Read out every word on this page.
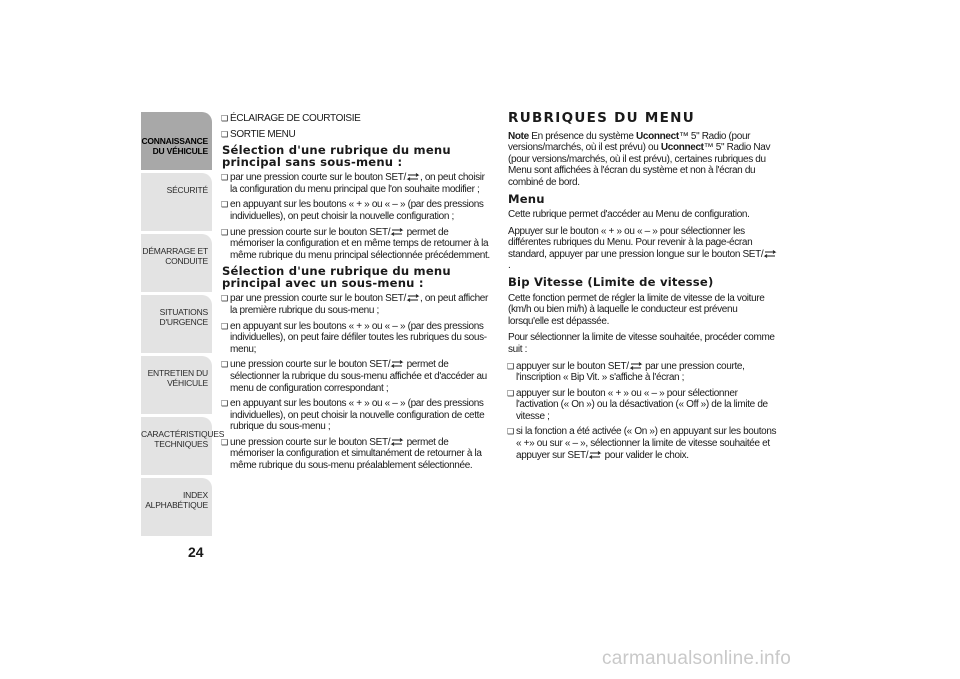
CONNAISSANCE
DU VÉHICULE
SÉCURITÉ
DÉMARRAGE ET
CONDUITE
SITUATIONS
D'URGENCE
ENTRETIEN DU
VÉHICULE
CARACTÉRISTIQUES
TECHNIQUES
INDEX
ALPHABÉTIQUE
24
❑ ÉCLAIRAGE DE COURTOISIE
❑ SORTIE MENU
Sélection d'une rubrique du menu principal sans sous-menu :
❑ par une pression courte sur le bouton SET/ , on peut choisir la configuration du menu principal que l'on souhaite modifier ;
❑ en appuyant sur les boutons « + » ou « – » (par des pressions individuelles), on peut choisir la nouvelle configuration ;
❑ une pression courte sur le bouton SET/ permet de mémoriser la configuration et en même temps de retourner à la même rubrique du menu principal sélectionnée précédemment.
Sélection d'une rubrique du menu principal avec un sous-menu :
❑ par une pression courte sur le bouton SET/ , on peut afficher la première rubrique du sous-menu ;
❑ en appuyant sur les boutons « + » ou « – » (par des pressions individuelles), on peut faire défiler toutes les rubriques du sous-menu;
❑ une pression courte sur le bouton SET/ permet de sélectionner la rubrique du sous-menu affichée et d'accéder au menu de configuration correspondant ;
❑ en appuyant sur les boutons « + » ou « – » (par des pressions individuelles), on peut choisir la nouvelle configuration de cette rubrique du sous-menu ;
❑ une pression courte sur le bouton SET/ permet de mémoriser la configuration et simultanément de retourner à la même rubrique du sous-menu préalablement sélectionnée.
RUBRIQUES DU MENU
Note En présence du système Uconnect™ 5" Radio (pour versions/marchés, où il est prévu) ou Uconnect™ 5" Radio Nav (pour versions/marchés, où il est prévu), certaines rubriques du Menu sont affichées à l'écran du système et non à l'écran du combiné de bord.
Menu
Cette rubrique permet d'accéder au Menu de configuration.
Appuyer sur le bouton « + » ou « – » pour sélectionner les différentes rubriques du Menu. Pour revenir à la page-écran standard, appuyer par une pression longue sur le bouton SET/ .
Bip Vitesse (Limite de vitesse)
Cette fonction permet de régler la limite de vitesse de la voiture (km/h ou bien mi/h) à laquelle le conducteur est prévenu lorsqu'elle est dépassée.
Pour sélectionner la limite de vitesse souhaitée, procéder comme suit :
❑ appuyer sur le bouton SET/ par une pression courte, l'inscription « Bip Vit. » s'affiche à l'écran ;
❑ appuyer sur le bouton « + » ou « – » pour sélectionner l'activation (« On ») ou la désactivation (« Off ») de la limite de vitesse ;
❑ si la fonction a été activée (« On ») en appuyant sur les boutons « +» ou sur « – », sélectionner la limite de vitesse souhaitée et appuyer sur SET/ pour valider le choix.
carmanualsonline.info
